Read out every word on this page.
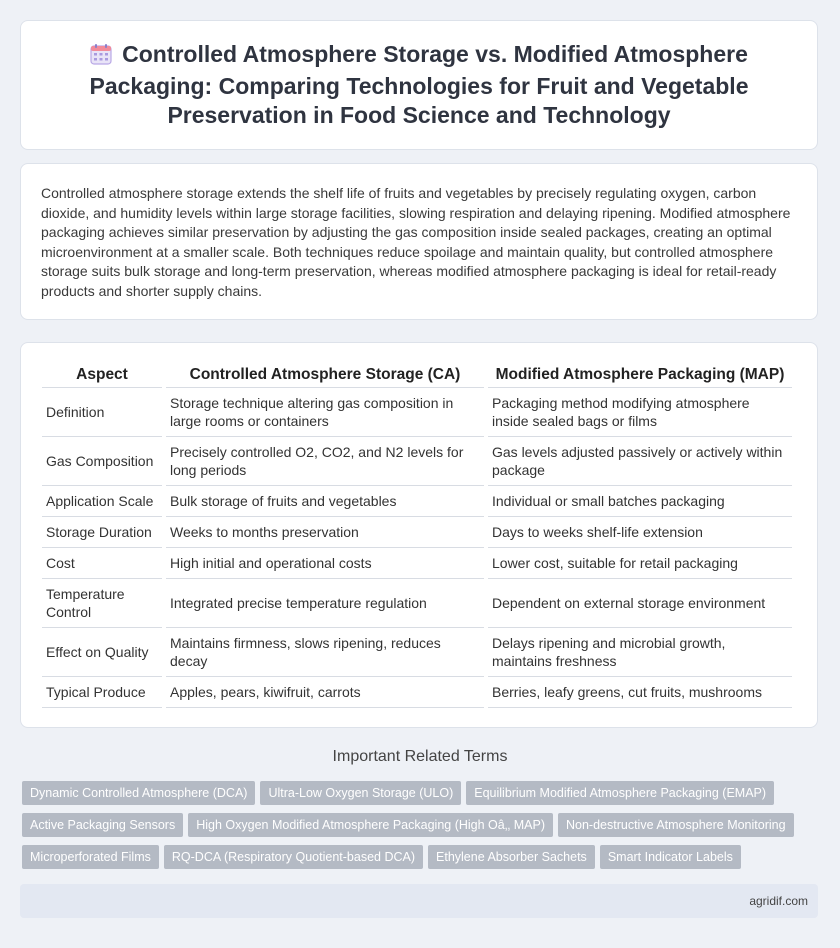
Controlled Atmosphere Storage vs. Modified Atmosphere Packaging: Comparing Technologies for Fruit and Vegetable Preservation in Food Science and Technology

Controlled atmosphere storage extends the shelf life of fruits and vegetables by precisely regulating oxygen, carbon dioxide, and humidity levels within large storage facilities, slowing respiration and delaying ripening. Modified atmosphere packaging achieves similar preservation by adjusting the gas composition inside sealed packages, creating an optimal microenvironment at a smaller scale. Both techniques reduce spoilage and maintain quality, but controlled atmosphere storage suits bulk storage and long-term preservation, whereas modified atmosphere packaging is ideal for retail-ready products and shorter supply chains.

Aspect	Controlled Atmosphere Storage (CA)	Modified Atmosphere Packaging (MAP)
Definition	Storage technique altering gas composition in large rooms or containers	Packaging method modifying atmosphere inside sealed bags or films
Gas Composition	Precisely controlled O2, CO2, and N2 levels for long periods	Gas levels adjusted passively or actively within package
Application Scale	Bulk storage of fruits and vegetables	Individual or small batches packaging
Storage Duration	Weeks to months preservation	Days to weeks shelf-life extension
Cost	High initial and operational costs	Lower cost, suitable for retail packaging
Temperature Control	Integrated precise temperature regulation	Dependent on external storage environment
Effect on Quality	Maintains firmness, slows ripening, reduces decay	Delays ripening and microbial growth, maintains freshness
Typical Produce	Apples, pears, kiwifruit, carrots	Berries, leafy greens, cut fruits, mushrooms
Important Related Terms
Dynamic Controlled Atmosphere (DCA) Ultra-Low Oxygen Storage (ULO) Equilibrium Modified Atmosphere Packaging (EMAP)
Active Packaging Sensors High Oxygen Modified Atmosphere Packaging (High Oâ‚‚ MAP) Non-destructive Atmosphere Monitoring
Microperforated Films RQ-DCA (Respiratory Quotient-based DCA) Ethylene Absorber Sachets Smart Indicator Labels
agridif.com
